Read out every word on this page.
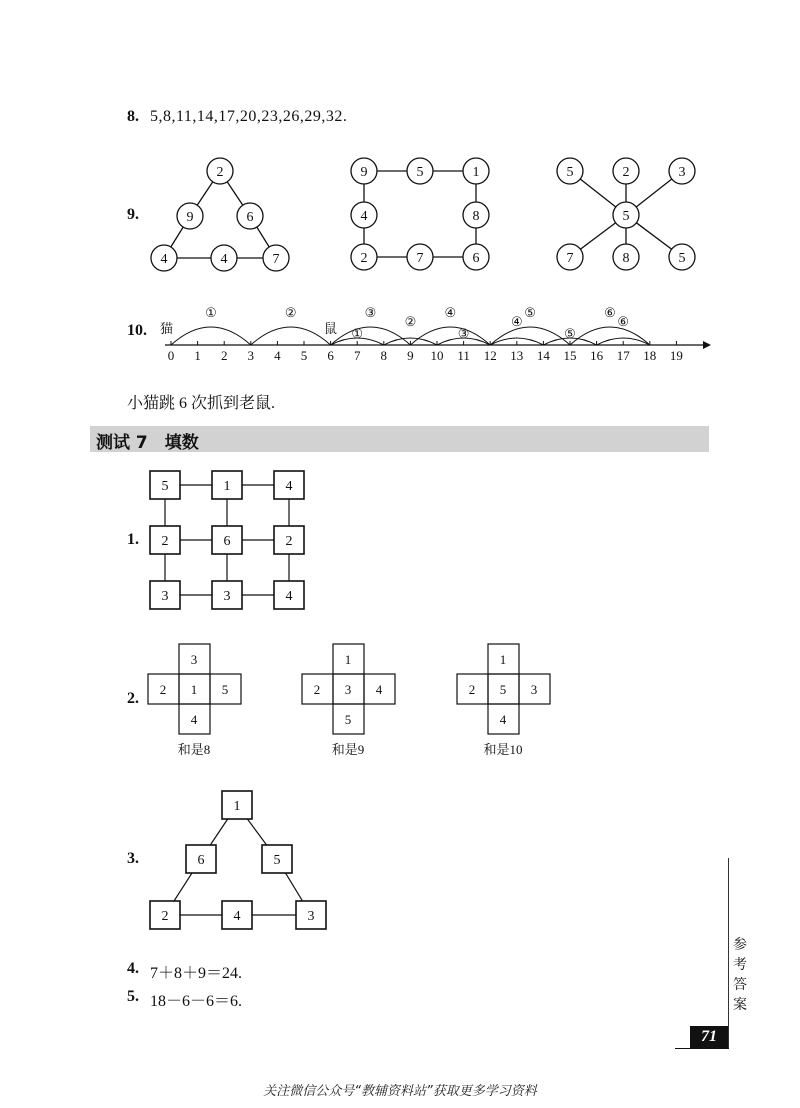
8. 5,8,11,14,17,20,23,26,29,32.
9.
2
9	6
4	4	7
9	5	1
4	8
2	7	6
5	2	3
5
7	8	5
10. 猫	鼠
0 1 2 3 4 5 6 7 8 9 10 11 12 13 14 15 16 17 18 19
①	②	③	④	⑤	⑥
①
②
③
④
⑤
⑥
小猫跳 6 次抓到老鼠.
测试 7　填数
1.
5	1	4
2	6	2
3	3	4
2.
3
2 1 5
4
1
2 3 4
5
1
2 5 3
4
和是8	和是9	和是10
3.
1
6	5
2	4	3
4. 7＋8＋9＝24.
5. 18－6－6＝6.
参考答案
71
关注微信公众号“教辅资料站”获取更多学习资料
